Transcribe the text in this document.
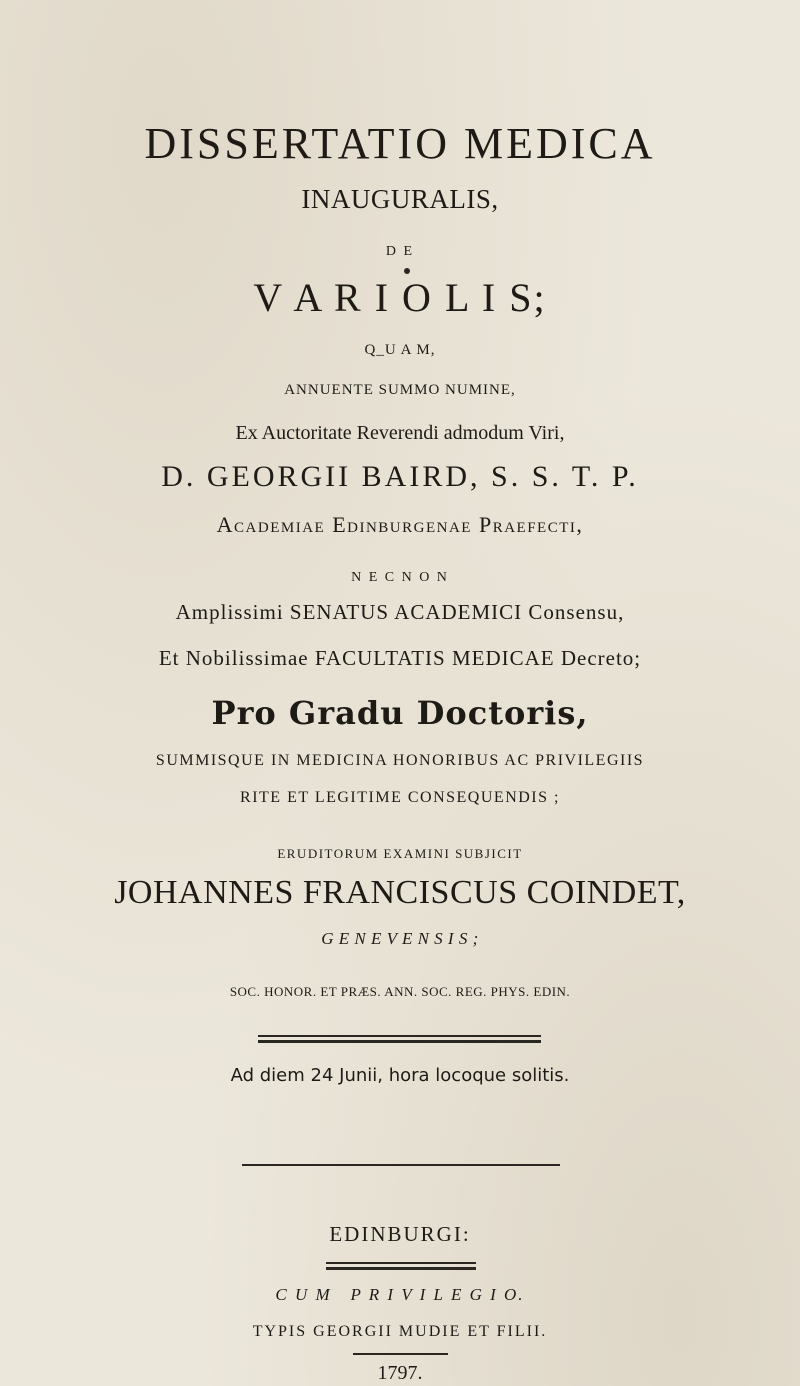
DISSERTATIO MEDICA
INAUGURALIS,
D E
V A R I O L I S;
Q_U A M,
ANNUENTE SUMMO NUMINE,
Ex Auctoritate Reverendi admodum Viri,
D. GEORGII BAIRD, S. S. T. P.
Academiae Edinburgenae Praefecti,
N E C N O N
Amplissimi SENATUS ACADEMICI Consensu,
Et Nobilissimae FACULTATIS MEDICAE Decreto;
Pro Gradu Doctoris,
SUMMISQUE IN MEDICINA HONORIBUS AC PRIVILEGIIS
RITE ET LEGITIME CONSEQUENDIS ;
ERUDITORUM EXAMINI SUBJICIT
JOHANNES FRANCISCUS COINDET,
G E N E V E N S I S ;
SOC. HONOR. ET PRÆS. ANN. SOC. REG. PHYS. EDIN.
Ad diem 24 Junii, hora locoque solitis.
EDINBURGI:
C U M   P R I V I L E G I O.
TYPIS GEORGII MUDIE ET FILII.
1797.
